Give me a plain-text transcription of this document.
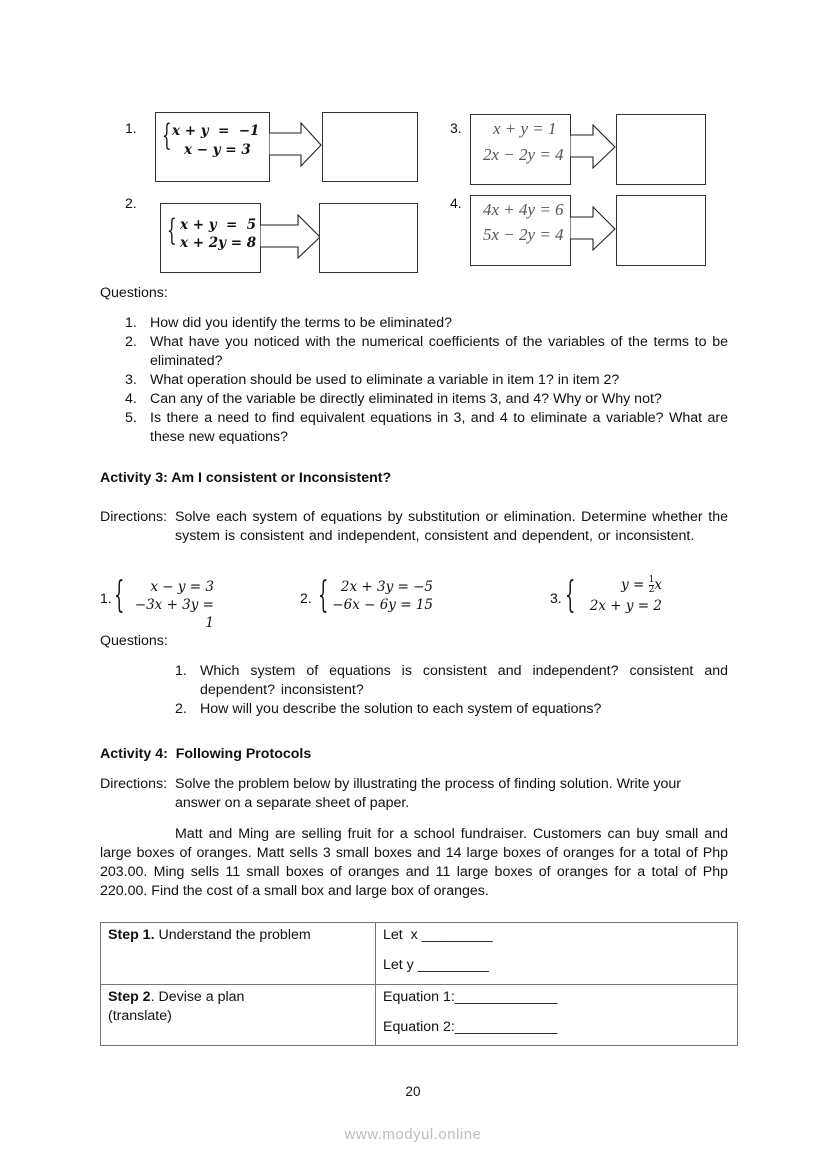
1. { x + y  =  −1
x − y = 3
2.
{ x + y  =  5
x + 2y = 8
3. x + y = 1
2x − 2y = 4
4. 4x + 4y = 6
5x − 2y = 4
Questions:
1. How did you identify the terms to be eliminated?
2. What have you noticed with the numerical coefficients of the variables of the terms to be eliminated?
3. What operation should be used to eliminate a variable in item 1? in item 2?
4. Can any of the variable be directly eliminated in items 3, and 4? Why or Why not?
5. Is there a need to find equivalent equations in 3, and 4 to eliminate a variable? What are these new equations?
Activity 3: Am I consistent or Inconsistent?
Directions: Solve each system of equations by substitution or elimination. Determine whether the system is consistent and independent, consistent and dependent, or inconsistent.
1. {	x − y = 3
−3x + 3y = 1
2. { 2x + 3y = −5
−6x − 6y = 15	3. {	$y = \frac{1}{2}$ x
2x + y = 2
Questions:
1. Which system of equations is consistent and independent? consistent and dependent? inconsistent?
2. How will you describe the solution to each system of equations?
Activity 4:  Following Protocols
Directions: Solve the problem below by illustrating the process of finding solution. Write your answer on a separate sheet of paper.
Matt and Ming are selling fruit for a school fundraiser. Customers can buy small and large boxes of oranges. Matt sells 3 small boxes and 14 large boxes of oranges for a total of Php 203.00. Ming sells 11 small boxes of oranges and 11 large boxes of oranges for a total of Php 220.00. Find the cost of a small box and large box of oranges.
Step 1. Understand the problem	Let  x _________
Let y _________

Step 2. Devise a plan
(translate)

Equation 1:_____________
Equation 2:_____________
20
www.modyul.online
